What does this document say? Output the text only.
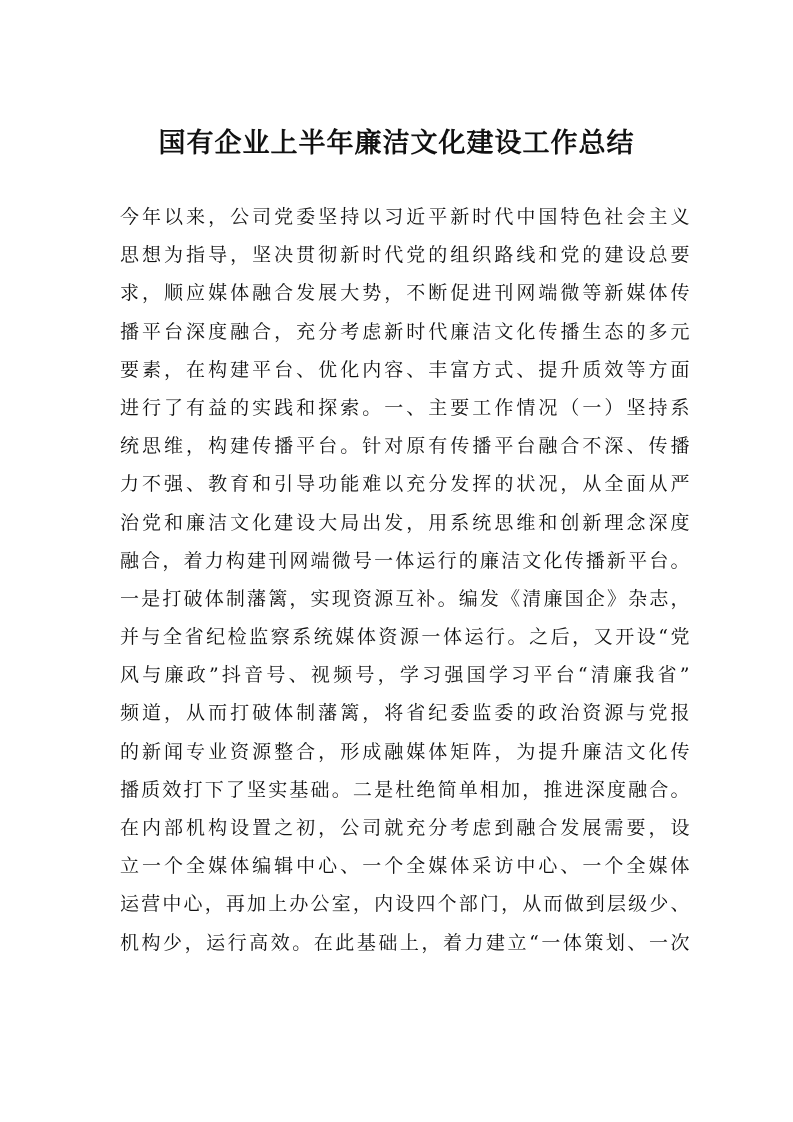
国有企业上半年廉洁文化建设工作总结
今年以来，公司党委坚持以习近平新时代中国特色社会主义
思想为指导，坚决贯彻新时代党的组织路线和党的建设总要
求，顺应媒体融合发展大势，不断促进刊网端微等新媒体传
播平台深度融合，充分考虑新时代廉洁文化传播生态的多元
要素，在构建平台、优化内容、丰富方式、提升质效等方面
进行了有益的实践和探索。一、主要工作情况（一）坚持系
统思维，构建传播平台。针对原有传播平台融合不深、传播
力不强、教育和引导功能难以充分发挥的状况，从全面从严
治党和廉洁文化建设大局出发，用系统思维和创新理念深度
融合，着力构建刊网端微号一体运行的廉洁文化传播新平台。
一是打破体制藩篱，实现资源互补。编发《清廉国企》杂志，
并与全省纪检监察系统媒体资源一体运行。之后，又开设“党
风与廉政”抖音号、视频号，学习强国学习平台“清廉我省”
频道，从而打破体制藩篱，将省纪委监委的政治资源与党报
的新闻专业资源整合，形成融媒体矩阵，为提升廉洁文化传
播质效打下了坚实基础。二是杜绝简单相加，推进深度融合。
在内部机构设置之初，公司就充分考虑到融合发展需要，设
立一个全媒体编辑中心、一个全媒体采访中心、一个全媒体
运营中心，再加上办公室，内设四个部门，从而做到层级少、
机构少，运行高效。在此基础上，着力建立“一体策划、一次
